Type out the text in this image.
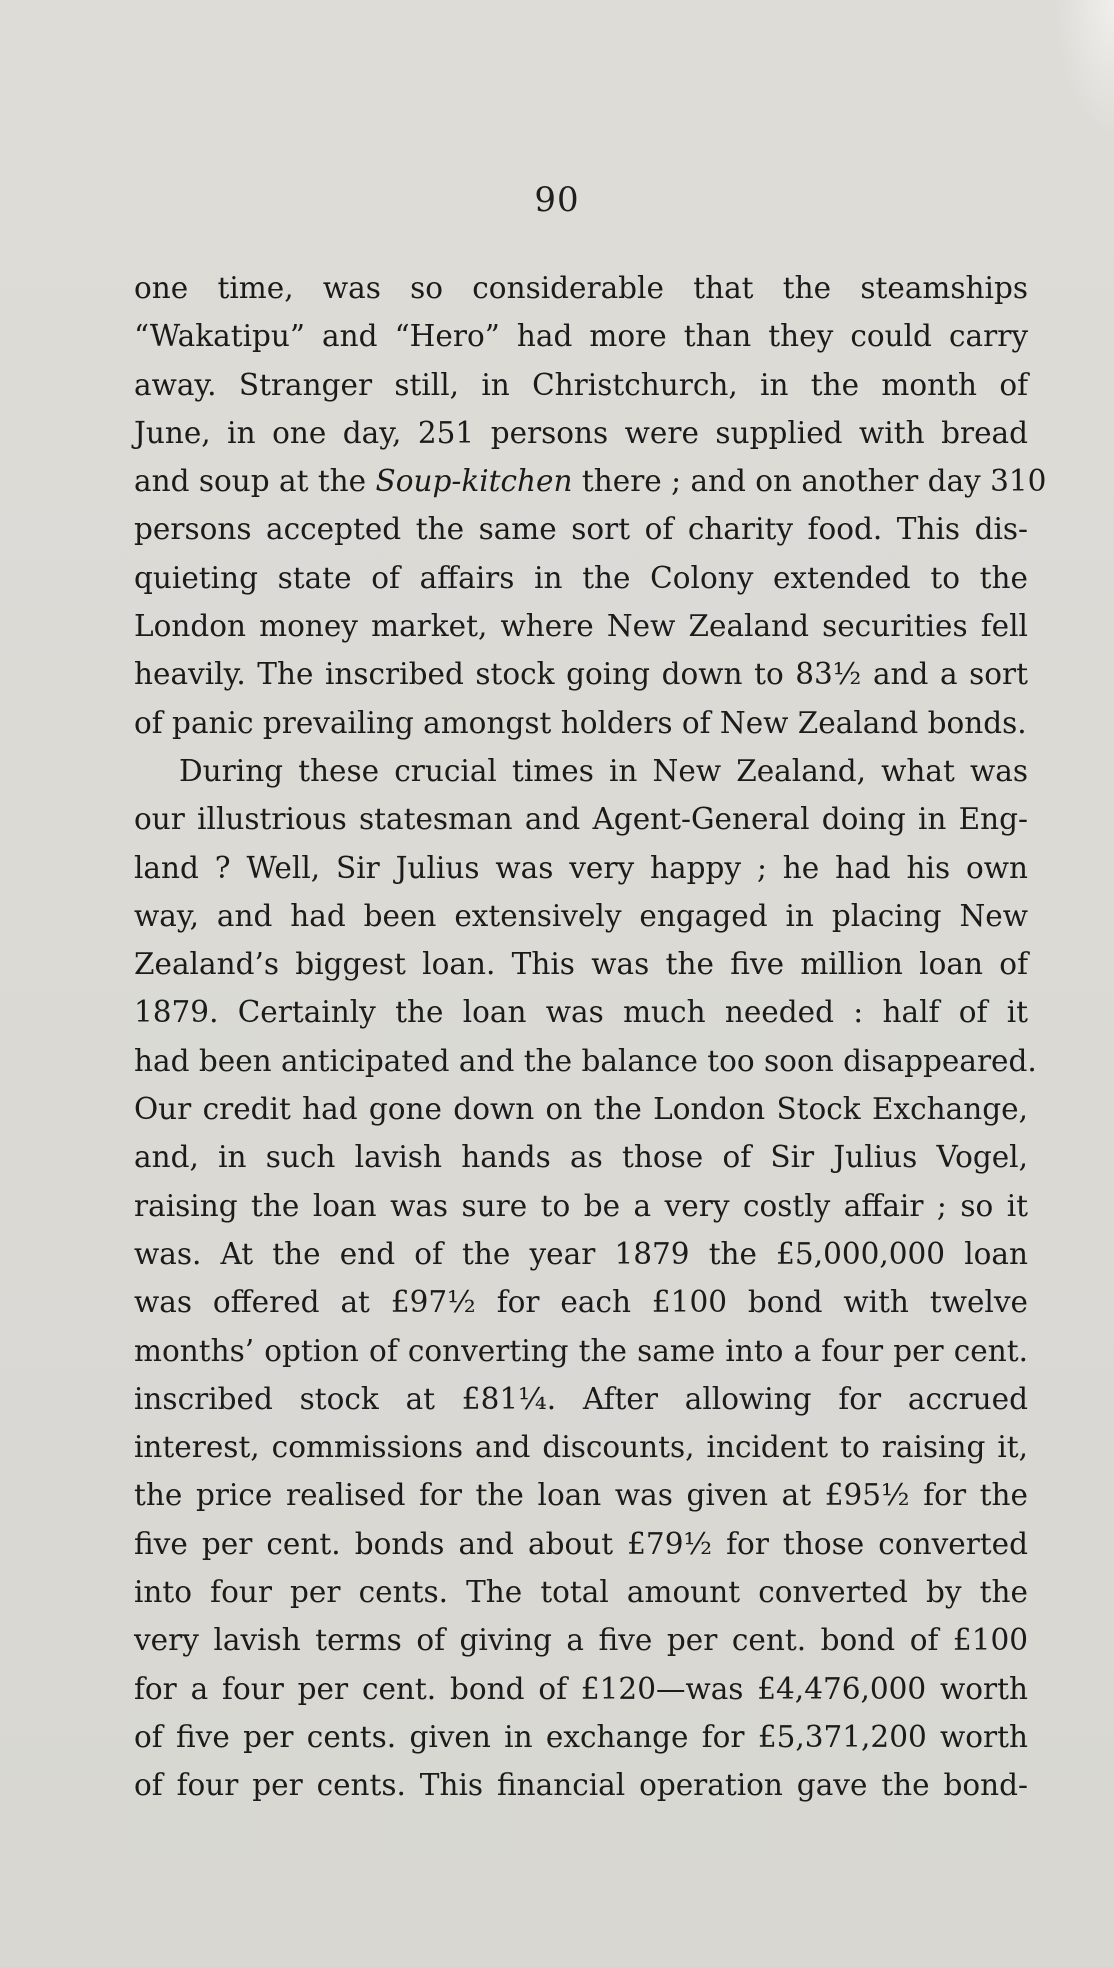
90
one time, was so considerable that the steamships
“Wakatipu” and “Hero” had more than they could carry
away. Stranger still, in Christchurch, in the month of
June, in one day, 251 persons were supplied with bread
and soup at the Soup-kitchen there ; and on another day 310
persons accepted the same sort of charity food. This dis-
quieting state of affairs in the Colony extended to the
London money market, where New Zealand securities fell
heavily. The inscribed stock going down to 83½ and a sort
of panic prevailing amongst holders of New Zealand bonds.
During these crucial times in New Zealand, what was
our illustrious statesman and Agent-General doing in Eng-
land ? Well, Sir Julius was very happy ; he had his own
way, and had been extensively engaged in placing New
Zealand’s biggest loan. This was the five million loan of
1879. Certainly the loan was much needed : half of it
had been anticipated and the balance too soon disappeared.
Our credit had gone down on the London Stock Exchange,
and, in such lavish hands as those of Sir Julius Vogel,
raising the loan was sure to be a very costly affair ; so it
was. At the end of the year 1879 the £5,000,000 loan
was offered at £97½ for each £100 bond with twelve
months’ option of converting the same into a four per cent.
inscribed stock at £81¼. After allowing for accrued
interest, commissions and discounts, incident to raising it,
the price realised for the loan was given at £95½ for the
five per cent. bonds and about £79½ for those converted
into four per cents. The total amount converted by the
very lavish terms of giving a five per cent. bond of £100
for a four per cent. bond of £120—was £4,476,000 worth
of five per cents. given in exchange for £5,371,200 worth
of four per cents. This financial operation gave the bond-
